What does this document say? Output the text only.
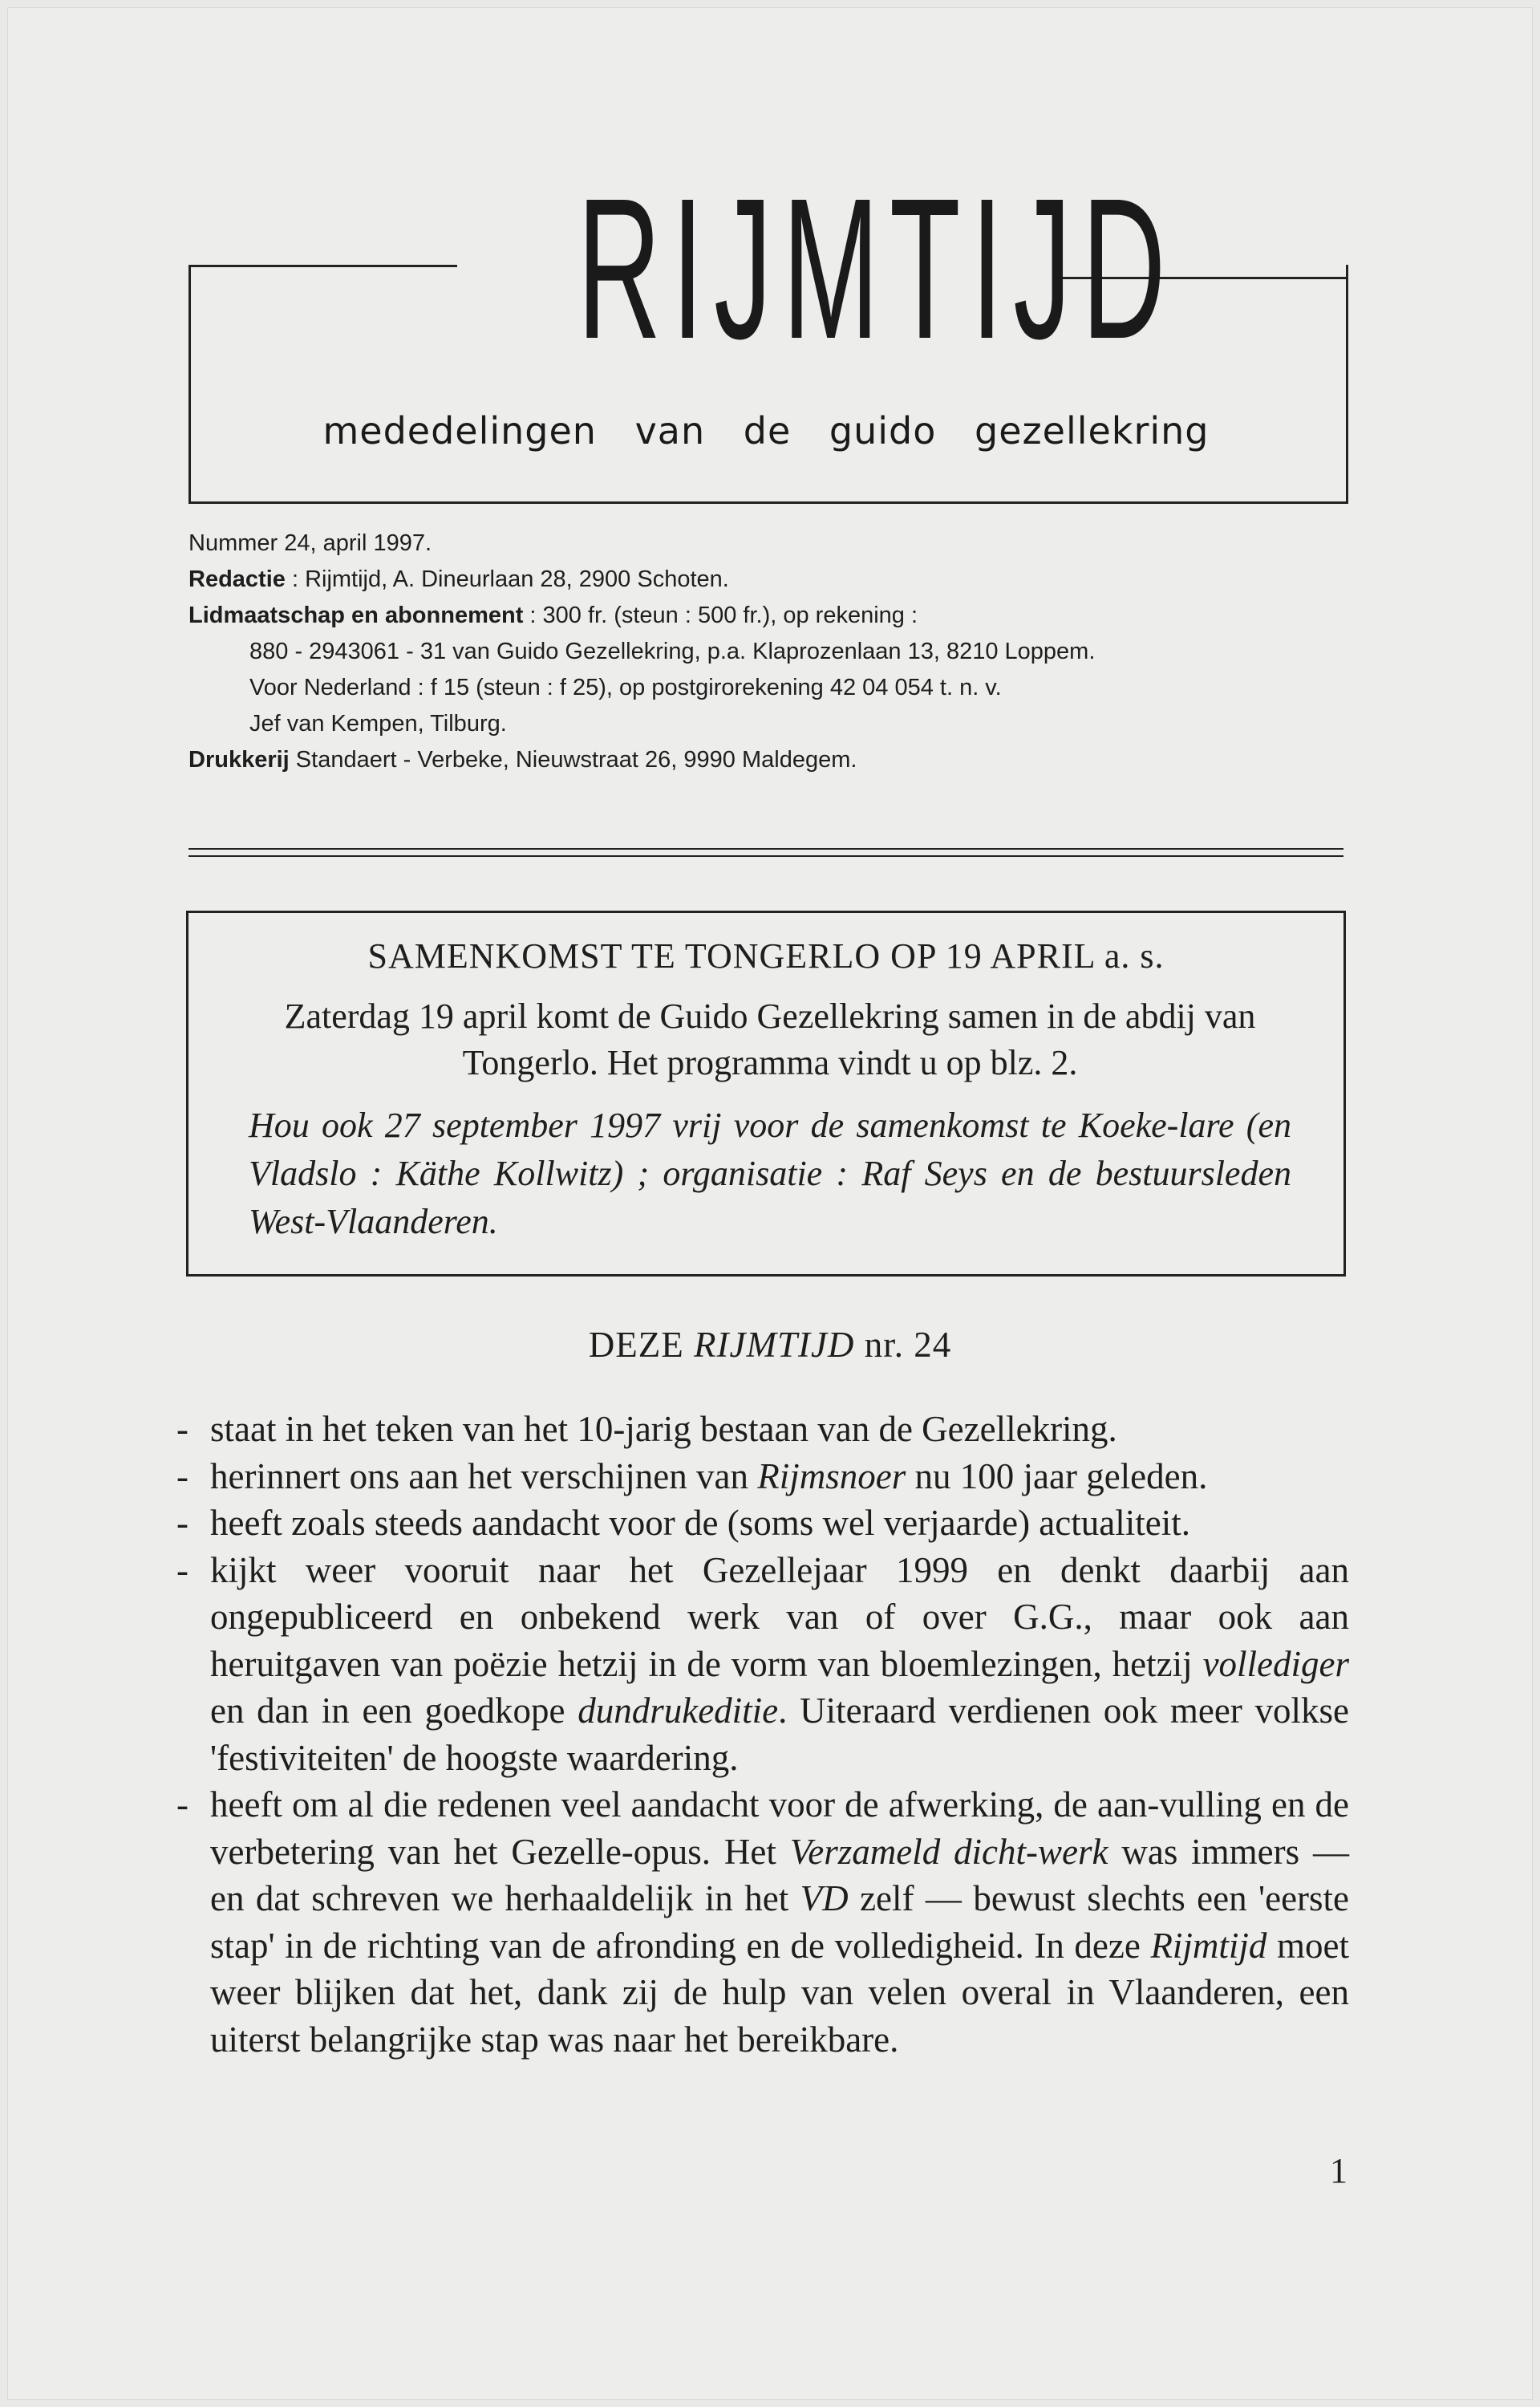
RIJMTIJD
mededelingen van de guido gezellekring
Nummer 24, april 1997.
Redactie : Rijmtijd, A. Dineurlaan 28, 2900 Schoten.
Lidmaatschap en abonnement : 300 fr. (steun : 500 fr.), op rekening :
880 - 2943061 - 31 van Guido Gezellekring, p.a. Klaprozenlaan 13, 8210 Loppem.
Voor Nederland : f 15 (steun : f 25), op postgirorekening 42 04 054 t. n. v.
Jef van Kempen, Tilburg.
Drukkerij Standaert - Verbeke, Nieuwstraat 26, 9990 Maldegem.
SAMENKOMST TE TONGERLO OP 19 APRIL a. s.
Zaterdag 19 april komt de Guido Gezellekring samen in de abdij van Tongerlo. Het programma vindt u op blz. 2.
Hou ook 27 september 1997 vrij voor de samenkomst te Koeke-lare (en Vladslo : Käthe Kollwitz) ; organisatie : Raf Seys en de bestuursleden West-Vlaanderen.
DEZE RIJMTIJD nr. 24
- staat in het teken van het 10-jarig bestaan van de Gezellekring.
- herinnert ons aan het verschijnen van Rijmsnoer nu 100 jaar geleden.
- heeft zoals steeds aandacht voor de (soms wel verjaarde) actualiteit.
- kijkt weer vooruit naar het Gezellejaar 1999 en denkt daarbij aan ongepubliceerd en onbekend werk van of over G.G., maar ook aan heruitgaven van poëzie hetzij in de vorm van bloemlezingen, hetzij vollediger en dan in een goedkope dundrukeditie. Uiteraard verdienen ook meer volkse 'festiviteiten' de hoogste waardering.
- heeft om al die redenen veel aandacht voor de afwerking, de aan-vulling en de verbetering van het Gezelle-opus. Het Verzameld dicht-werk was immers — en dat schreven we herhaaldelijk in het VD zelf — bewust slechts een 'eerste stap' in de richting van de afronding en de volledigheid. In deze Rijmtijd moet weer blijken dat het, dank zij de hulp van velen overal in Vlaanderen, een uiterst belangrijke stap was naar het bereikbare.
1
